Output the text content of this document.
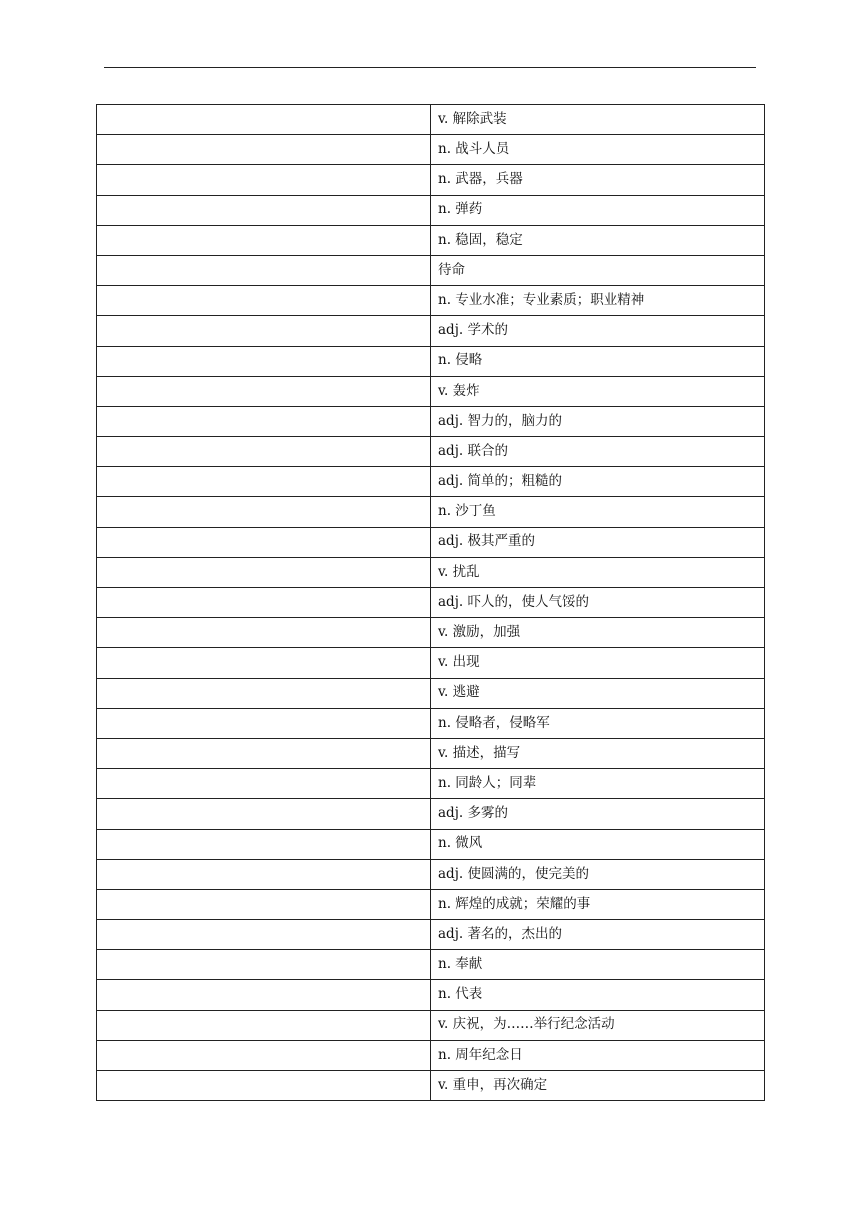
	v. 解除武装
	n. 战斗人员
	n. 武器，兵器
	n. 弹药
	n. 稳固，稳定
	待命
	n. 专业水准；专业素质；职业精神
	adj. 学术的
	n. 侵略
	v. 轰炸
	adj. 智力的，脑力的
	adj. 联合的
	adj. 简单的；粗糙的
	n. 沙丁鱼
	adj. 极其严重的
	v. 扰乱
	adj. 吓人的，使人气馁的
	v. 激励，加强
	v. 出现
	v. 逃避
	n. 侵略者，侵略军
	v. 描述，描写
	n. 同龄人；同辈
	adj. 多雾的
	n. 微风
	adj. 使圆满的，使完美的
	n. 辉煌的成就；荣耀的事
	adj. 著名的，杰出的
	n. 奉献
	n. 代表
	v. 庆祝，为……举行纪念活动
	n. 周年纪念日
	v. 重申，再次确定
